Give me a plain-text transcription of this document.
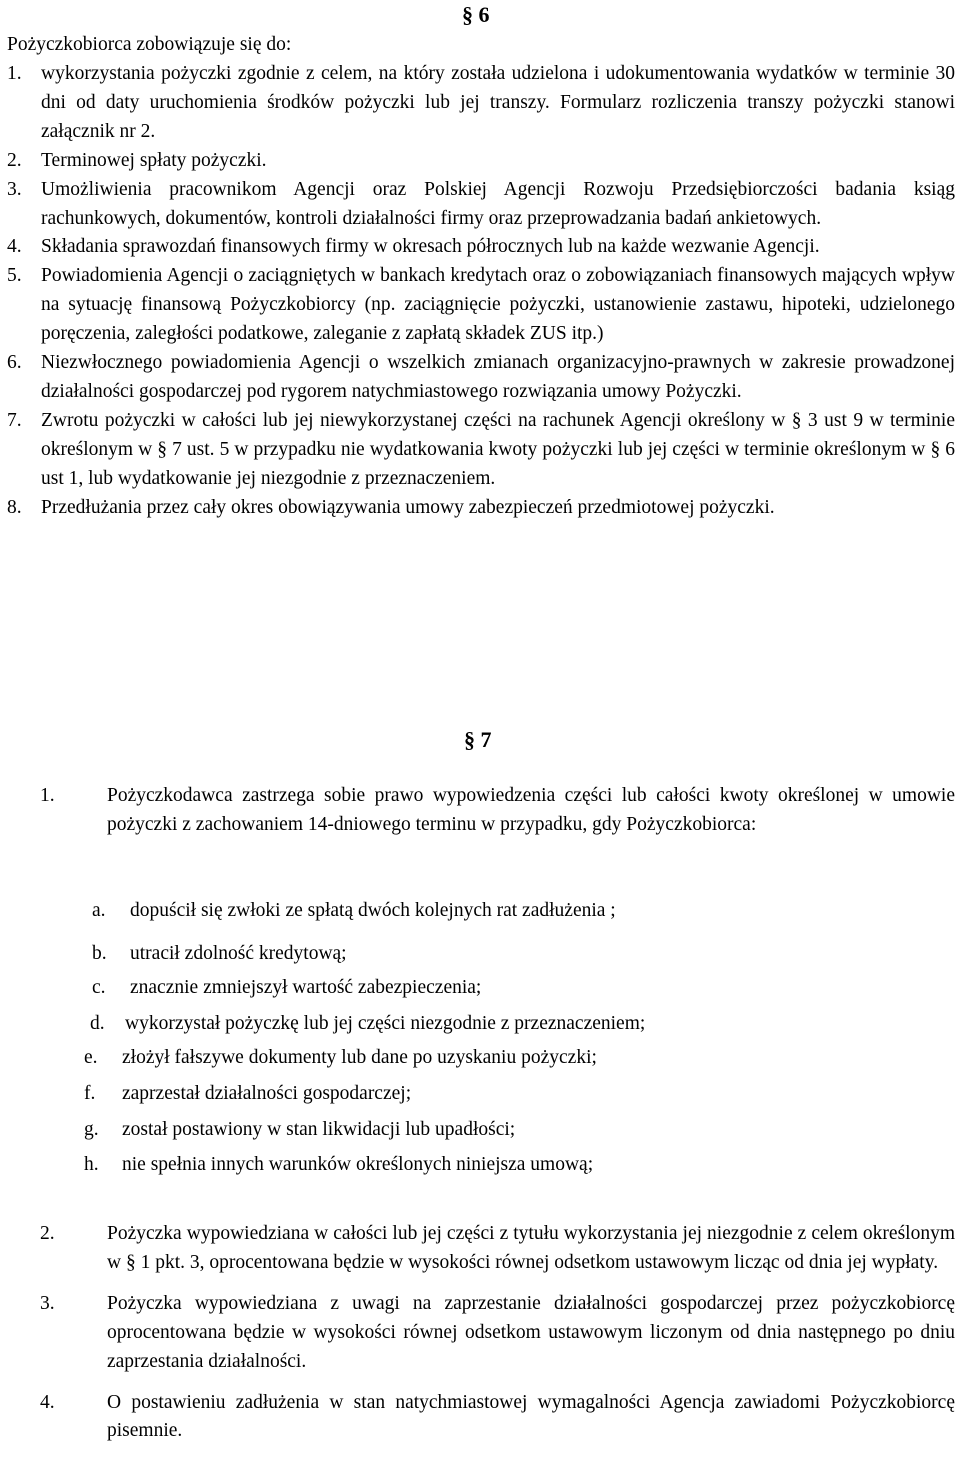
§ 6
Pożyczkobiorca zobowiązuje się do:
1. wykorzystania pożyczki zgodnie z celem, na który została udzielona i udokumentowania wydatków w terminie 30 dni od daty uruchomienia środków pożyczki lub jej transzy. Formularz rozliczenia transzy pożyczki stanowi załącznik nr 2.
2. Terminowej spłaty pożyczki.
3. Umożliwienia pracownikom Agencji oraz Polskiej Agencji Rozwoju Przedsiębiorczości badania ksiąg rachunkowych, dokumentów, kontroli działalności firmy oraz przeprowadzania badań ankietowych.
4. Składania sprawozdań finansowych firmy w okresach półrocznych lub na każde wezwanie Agencji.
5. Powiadomienia Agencji o zaciągniętych w bankach kredytach oraz o zobowiązaniach finansowych mających wpływ na sytuację finansową Pożyczkobiorcy (np. zaciągnięcie pożyczki, ustanowienie zastawu, hipoteki, udzielonego poręczenia, zaległości podatkowe, zaleganie z zapłatą składek ZUS itp.)
6. Niezwłocznego powiadomienia Agencji o wszelkich zmianach organizacyjno-prawnych w zakresie prowadzonej działalności gospodarczej pod rygorem natychmiastowego rozwiązania umowy Pożyczki.
7. Zwrotu pożyczki w całości lub jej niewykorzystanej części na rachunek Agencji określony w § 3 ust 9 w terminie określonym w § 7 ust. 5 w przypadku nie wydatkowania kwoty pożyczki lub jej części w terminie określonym w § 6 ust 1, lub wydatkowanie jej niezgodnie z przeznaczeniem.
8. Przedłużania przez cały okres obowiązywania umowy zabezpieczeń przedmiotowej pożyczki.
§ 7
1.	Pożyczkodawca zastrzega sobie prawo wypowiedzenia części lub całości kwoty określonej w umowie pożyczki z zachowaniem 14-dniowego terminu w przypadku, gdy Pożyczkobiorca:
a. dopuścił się zwłoki ze spłatą dwóch kolejnych rat zadłużenia ;
b. utracił zdolność kredytową;
c. znacznie zmniejszył wartość zabezpieczenia;
d. wykorzystał pożyczkę lub jej części niezgodnie z przeznaczeniem;
e. złożył fałszywe dokumenty lub dane po uzyskaniu pożyczki;
f. zaprzestał działalności gospodarczej;
g. został postawiony w stan likwidacji lub upadłości;
h. nie spełnia innych warunków określonych niniejsza umową;
2.	Pożyczka wypowiedziana w całości lub jej części z tytułu wykorzystania jej niezgodnie z celem określonym w § 1 pkt. 3, oprocentowana będzie w wysokości równej odsetkom ustawowym licząc od dnia jej wypłaty.
3.	Pożyczka wypowiedziana z uwagi na zaprzestanie działalności gospodarczej przez pożyczkobiorcę oprocentowana będzie w wysokości równej odsetkom ustawowym liczonym od dnia następnego po dniu zaprzestania działalności.
4.	O postawieniu zadłużenia w stan natychmiastowej wymagalności Agencja zawiadomi Pożyczkobiorcę pisemnie.
